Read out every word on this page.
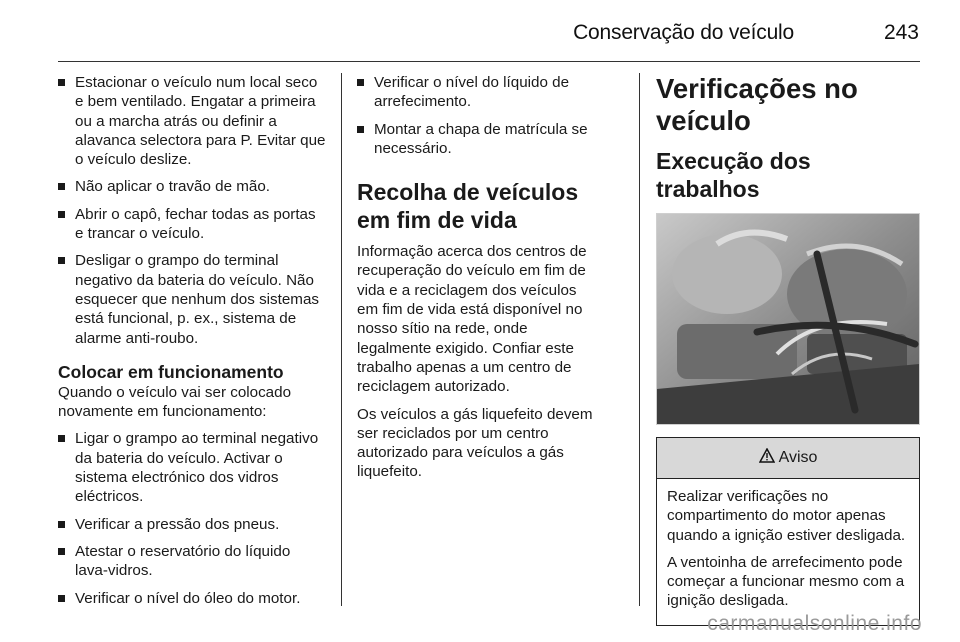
Conservação do veículo	243
Estacionar o veículo num local seco e bem ventilado. Engatar a primeira ou a marcha atrás ou definir a alavanca selectora para P. Evitar que o veículo deslize.
Não aplicar o travão de mão.
Abrir o capô, fechar todas as portas e trancar o veículo.
Desligar o grampo do terminal negativo da bateria do veículo. Não esquecer que nenhum dos sistemas está funcional, p. ex., sistema de alarme anti-roubo.
Colocar em funcionamento

Quando o veículo vai ser colocado novamente em funcionamento:

Ligar o grampo ao terminal negativo da bateria do veículo. Activar o sistema electrónico dos vidros eléctricos.
Verificar a pressão dos pneus.
Atestar o reservatório do líquido lava-vidros.
Verificar o nível do óleo do motor.
Verificar o nível do líquido de arrefecimento.
Montar a chapa de matrícula se necessário.
Recolha de veículos em fim de vida

Informação acerca dos centros de recuperação do veículo em fim de vida e a reciclagem dos veículos em fim de vida está disponível no nosso sítio na rede, onde legalmente exigido. Confiar este trabalho apenas a um centro de reciclagem autorizado.

Os veículos a gás liquefeito devem ser reciclados por um centro autorizado para veículos a gás liquefeito.

Verificações no veículo
Execução dos trabalhos
Aviso

Realizar verificações no compartimento do motor apenas quando a ignição estiver desligada.

A ventoinha de arrefecimento pode começar a funcionar mesmo com a ignição desligada.

carmanualsonline.info
